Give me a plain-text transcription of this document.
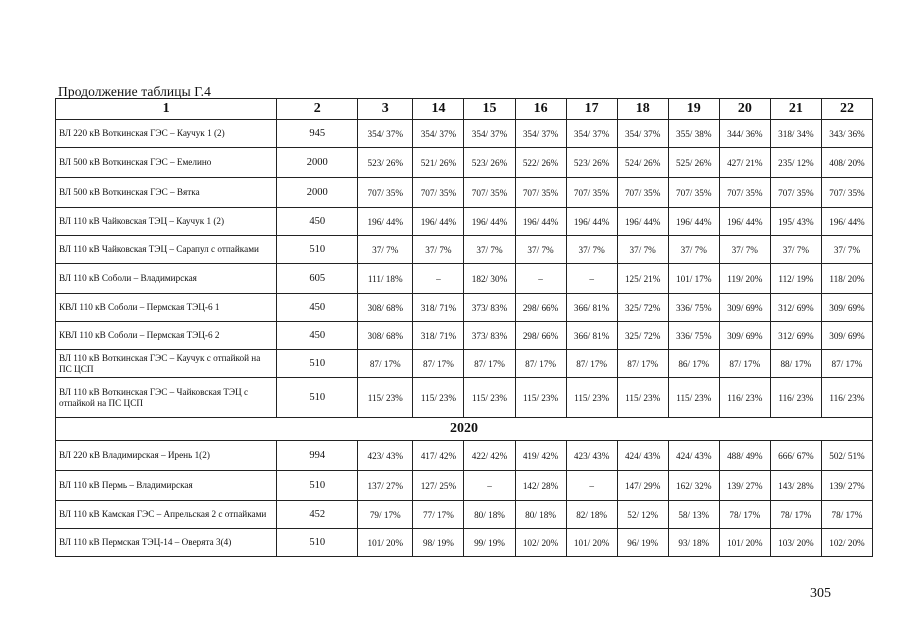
Продолжение таблицы Г.4
1	2	3	14	15	16	17	18	19	20	21	22
ВЛ 220 кВ Воткинская ГЭС – Каучук 1 (2)	945	354/ 37%	354/ 37%	354/ 37%	354/ 37%	354/ 37%	354/ 37%	355/ 38%	344/ 36%	318/ 34%	343/ 36%
ВЛ 500 кВ Воткинская ГЭС – Емелино	2000	523/ 26%	521/ 26%	523/ 26%	522/ 26%	523/ 26%	524/ 26%	525/ 26%	427/ 21%	235/ 12%	408/ 20%
ВЛ 500 кВ Воткинская ГЭС – Вятка	2000	707/ 35%	707/ 35%	707/ 35%	707/ 35%	707/ 35%	707/ 35%	707/ 35%	707/ 35%	707/ 35%	707/ 35%
ВЛ 110 кВ Чайковская ТЭЦ – Каучук 1 (2)	450	196/ 44%	196/ 44%	196/ 44%	196/ 44%	196/ 44%	196/ 44%	196/ 44%	196/ 44%	195/ 43%	196/ 44%
ВЛ 110 кВ Чайковская ТЭЦ – Сарапул с отпайками	510	37/ 7%	37/ 7%	37/ 7%	37/ 7%	37/ 7%	37/ 7%	37/ 7%	37/ 7%	37/ 7%	37/ 7%
ВЛ 110 кВ Соболи – Владимирская	605	111/ 18%	–	182/ 30%	–	–	125/ 21%	101/ 17%	119/ 20%	112/ 19%	118/ 20%
КВЛ 110 кВ Соболи – Пермская ТЭЦ-6 1	450	308/ 68%	318/ 71%	373/ 83%	298/ 66%	366/ 81%	325/ 72%	336/ 75%	309/ 69%	312/ 69%	309/ 69%
КВЛ 110 кВ Соболи – Пермская ТЭЦ-6 2	450	308/ 68%	318/ 71%	373/ 83%	298/ 66%	366/ 81%	325/ 72%	336/ 75%	309/ 69%	312/ 69%	309/ 69%
ВЛ 110 кВ Воткинская ГЭС – Каучук с отпайкой на ПС ЦСП	510	87/ 17%	87/ 17%	87/ 17%	87/ 17%	87/ 17%	87/ 17%	86/ 17%	87/ 17%	88/ 17%	87/ 17%
ВЛ 110 кВ Воткинская ГЭС – Чайковская ТЭЦ с отпайкой на ПС ЦСП	510	115/ 23%	115/ 23%	115/ 23%	115/ 23%	115/ 23%	115/ 23%	115/ 23%	116/ 23%	116/ 23%	116/ 23%
2020											
ВЛ 220 кВ Владимирская – Ирень 1(2)	994	423/ 43%	417/ 42%	422/ 42%	419/ 42%	423/ 43%	424/ 43%	424/ 43%	488/ 49%	666/ 67%	502/ 51%
ВЛ 110 кВ Пермь – Владимирская	510	137/ 27%	127/ 25%	–	142/ 28%	–	147/ 29%	162/ 32%	139/ 27%	143/ 28%	139/ 27%
ВЛ 110 кВ Камская ГЭС – Апрельская 2 с отпайками	452	79/ 17%	77/ 17%	80/ 18%	80/ 18%	82/ 18%	52/ 12%	58/ 13%	78/ 17%	78/ 17%	78/ 17%
ВЛ 110 кВ Пермская ТЭЦ-14 – Оверята 3(4)	510	101/ 20%	98/ 19%	99/ 19%	102/ 20%	101/ 20%	96/ 19%	93/ 18%	101/ 20%	103/ 20%	102/ 20%
305
